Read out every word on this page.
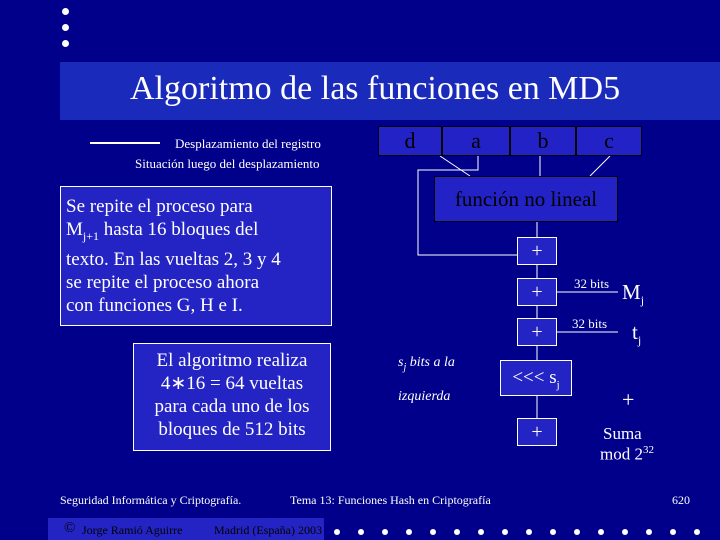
Algoritmo de las funciones en MD5
Desplazamiento del registro
Situación luego del desplazamiento
d	a	b	c
función no lineal
+
+
+
+
32 bits $M_j$
32 bits $t_j$
$s_j$ bits a la
izquierda
<<< $s_j$
+
Suma
mod $2^{32}$
Se repite el proceso para
$M_{j+1}$ hasta 16 bloques del
texto. En las vueltas 2, 3 y 4
se repite el proceso ahora
con funciones G, H e I.
El algoritmo realiza
4∗16 = 64 vueltas
para cada uno de los
bloques de 512 bits
Seguridad Informática y Criptografía.	Tema 13: Funciones Hash en Criptografía	620
© Jorge Ramió Aguirre	Madrid (España) 2003
